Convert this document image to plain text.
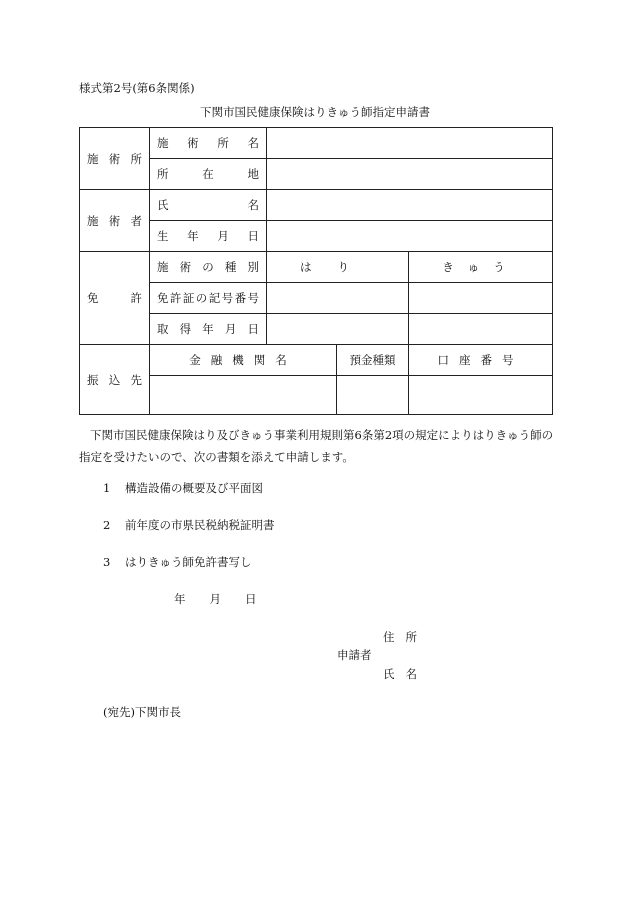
様式第2号(第6条関係)
下関市国民健康保険はりきゅう師指定申請書
施術所	施術所名			
	所在地			
施術者	氏名			
	生年月日			
免許	施術の種別	はり		きゅう
	免許証の記号番号			
	取得年月日			
振込先	金融機関名		預金種類	口座番号

下関市国民健康保険はり及びきゅう事業利用規則第6条第2項の規定によりはりきゅう師の指定を受けたいので、次の書類を添えて申請します。
1 構造設備の概要及び平面図
2 前年度の市県民税納税証明書
3 はりきゅう師免許書写し
年 月 日
住所
申請者
氏名
(宛先)下関市長
